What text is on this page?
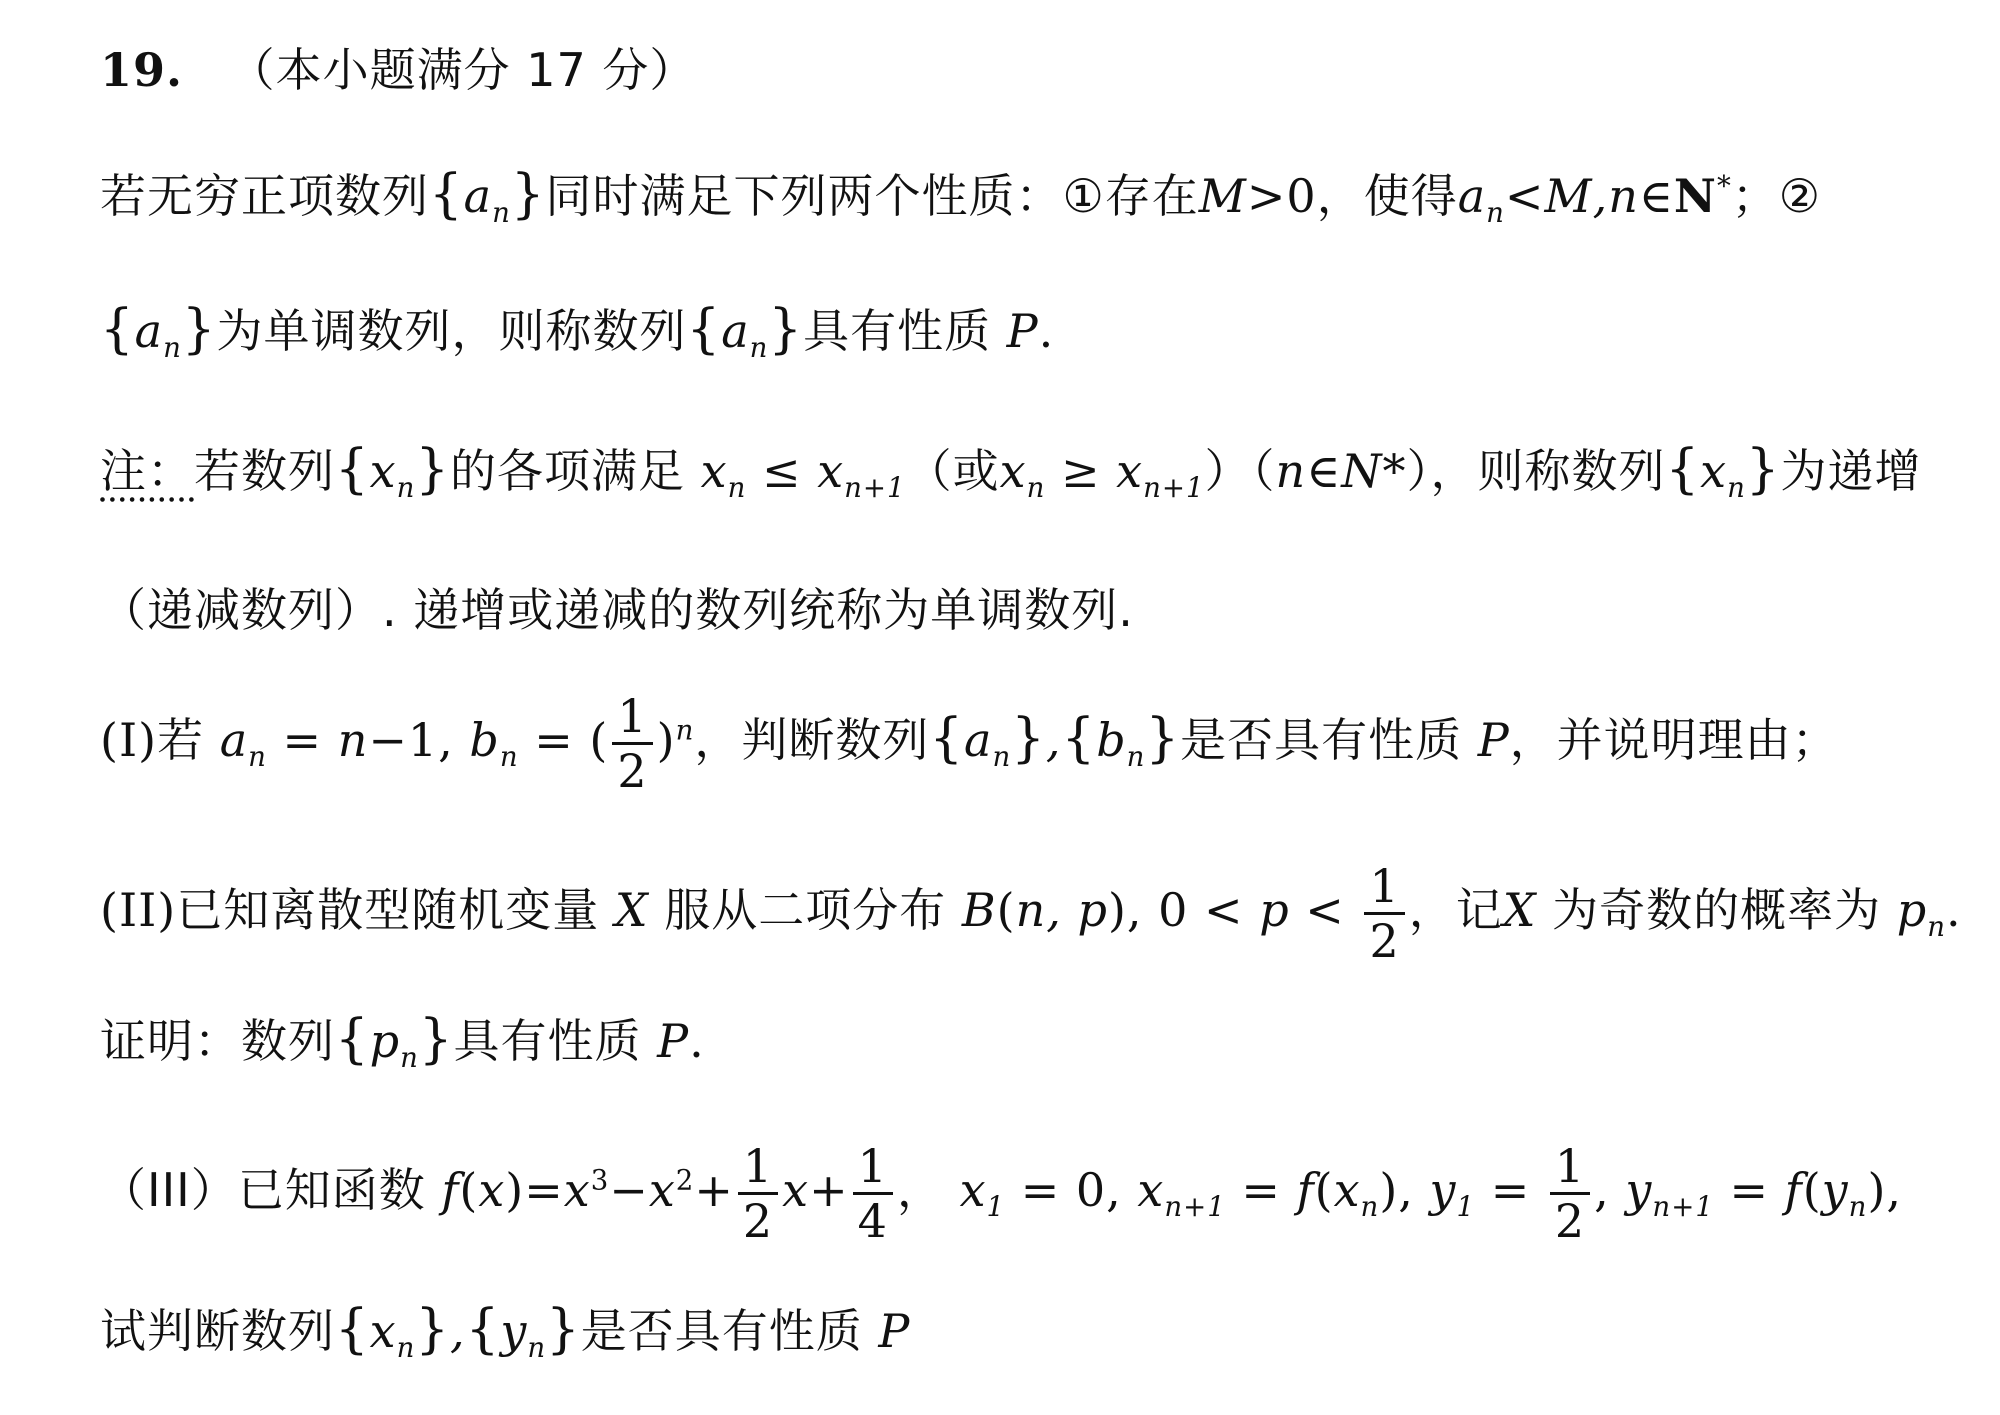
19. （本小题满分 17 分）
若无穷正项数列$\{a_n\}$同时满足下列两个性质：①存在M>0，使得$a_n<M,n\in N^*$；②
$\{a_n\}$为单调数列，则称数列$\{a_n\}$具有性质 P.
注：若数列$\{x_n\}$的各项满足 $x_n \le x_{n+1}$（或$x_n$ ≥ $x_{n+1})(n\in N*)$，则称数列$\{x_n\}$为递增
（递减数列）. 递增或递减的数列统称为单调数列.
(I)若 $a_n = n-1$, $b_n$ = ( $\frac{1}{2} )^n$，判断数列$\{a_n\},\{b_n\}$是否具有性质 P，并说明理由；
(II)已知离散型随机变量 X 服从二项分布 B(n, p), $0 < p < \frac{1}{2}$ ，记X 为奇数的概率为 $p_n$.
证明：数列$\{p_n\}$具有性质 P.
（III）已知函数 $f(x)=x^3-x^2+ \frac{1}{2} x+ \frac{1}{4}$ ， $x_1 = 0$, $x_{n+1} = f(x_n)$, $y_1 = \frac{1}{2}$ , $y_{n+1} = f(y_n)$,
试判断数列$\{x_n\},\{y_n\}$是否具有性质 P
